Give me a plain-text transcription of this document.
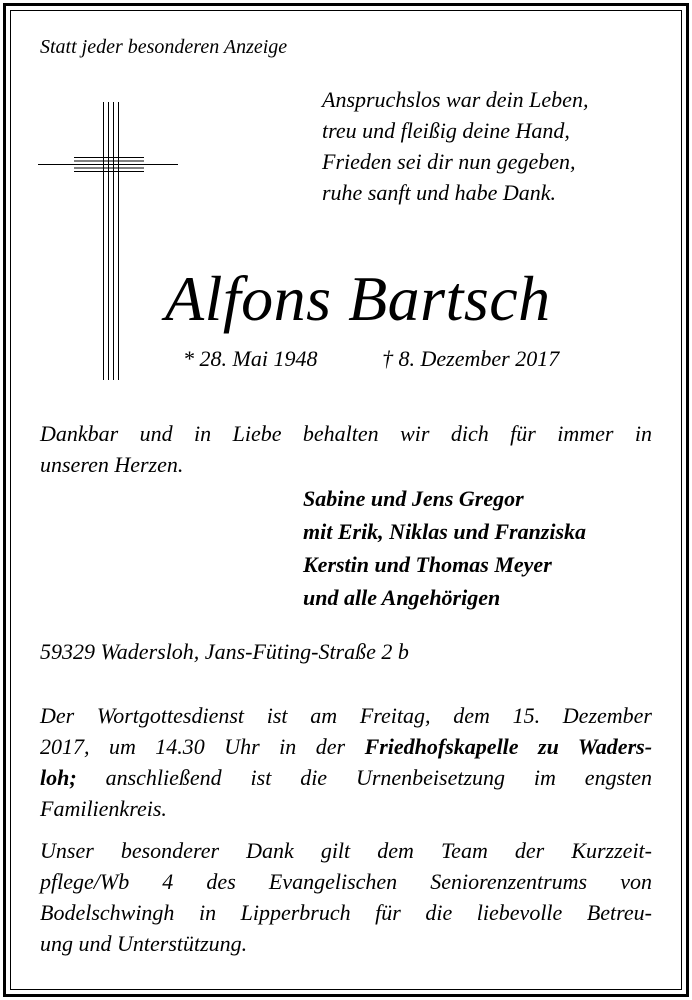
Statt jeder besonderen Anzeige
Anspruchslos war dein Leben,
treu und fleißig deine Hand,
Frieden sei dir nun gegeben,
ruhe sanft und habe Dank.
Alfons Bartsch
* 28. Mai 1948	† 8. Dezember 2017
Dankbar und in Liebe behalten wir dich für immer in
unseren Herzen.
Sabine und Jens Gregor
mit Erik, Niklas und Franziska
Kerstin und Thomas Meyer
und alle Angehörigen
59329 Wadersloh, Jans-Füting-Straße 2 b
Der Wortgottesdienst ist am Freitag, dem 15. Dezember
2017, um 14.30 Uhr in der Friedhofskapelle zu Waders-
loh; anschließend ist die Urnenbeisetzung im engsten
Familienkreis.
Unser besonderer Dank gilt dem Team der Kurzzeit-
pflege/Wb 4 des Evangelischen Seniorenzentrums von
Bodelschwingh in Lipperbruch für die liebevolle Betreu-
ung und Unterstützung.
